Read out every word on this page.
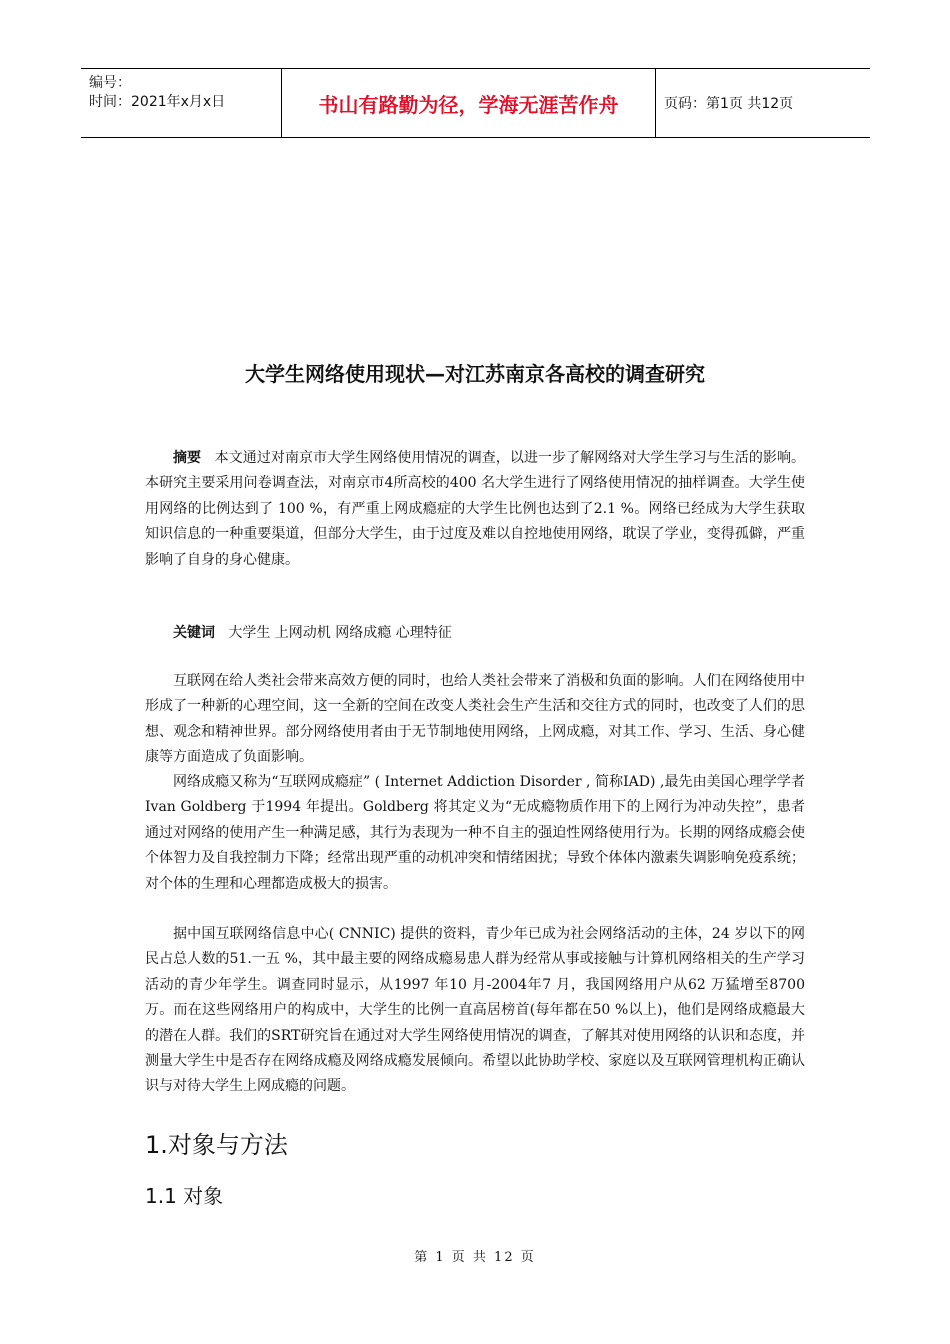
编号：
时间：2021年x月x日	书山有路勤为径，学海无涯苦作舟	页码：第1页 共12页
大学生网络使用现状—对江苏南京各高校的调查研究

摘要 本文通过对南京市大学生网络使用情况的调查，以进一步了解网络对大学生学习与生活的影响。本研究主要采用问卷调查法，对南京市4所高校的400 名大学生进行了网络使用情况的抽样调查。大学生使用网络的比例达到了 100 %，有严重上网成瘾症的大学生比例也达到了2.1 %。网络已经成为大学生获取知识信息的一种重要渠道，但部分大学生，由于过度及难以自控地使用网络，耽误了学业，变得孤僻，严重影响了自身的身心健康。

关键词 大学生 上网动机 网络成瘾 心理特征

互联网在给人类社会带来高效方便的同时，也给人类社会带来了消极和负面的影响。人们在网络使用中形成了一种新的心理空间，这一全新的空间在改变人类社会生产生活和交往方式的同时，也改变了人们的思想、观念和精神世界。部分网络使用者由于无节制地使用网络，上网成瘾，对其工作、学习、生活、身心健康等方面造成了负面影响。

网络成瘾又称为“互联网成瘾症” ( Internet Addiction Disorder , 简称IAD) ,最先由美国心理学学者Ivan Goldberg 于1994 年提出。Goldberg 将其定义为“无成瘾物质作用下的上网行为冲动失控”，患者通过对网络的使用产生一种满足感，其行为表现为一种不自主的强迫性网络使用行为。长期的网络成瘾会使个体智力及自我控制力下降；经常出现严重的动机冲突和情绪困扰；导致个体体内激素失调影响免疫系统；对个体的生理和心理都造成极大的损害。

据中国互联网络信息中心( CNNIC) 提供的资料，青少年已成为社会网络活动的主体，24 岁以下的网民占总人数的51.一五 %，其中最主要的网络成瘾易患人群为经常从事或接触与计算机网络相关的生产学习活动的青少年学生。调查同时显示，从1997 年10 月-2004年7 月，我国网络用户从62 万猛增至8700 万。而在这些网络用户的构成中，大学生的比例一直高居榜首(每年都在50 %以上)，他们是网络成瘾最大的潜在人群。我们的SRT研究旨在通过对大学生网络使用情况的调查，了解其对使用网络的认识和态度，并测量大学生中是否存在网络成瘾及网络成瘾发展倾向。希望以此协助学校、家庭以及互联网管理机构正确认识与对待大学生上网成瘾的问题。

1.对象与方法
1.1 对象
第 1 页 共 12 页
